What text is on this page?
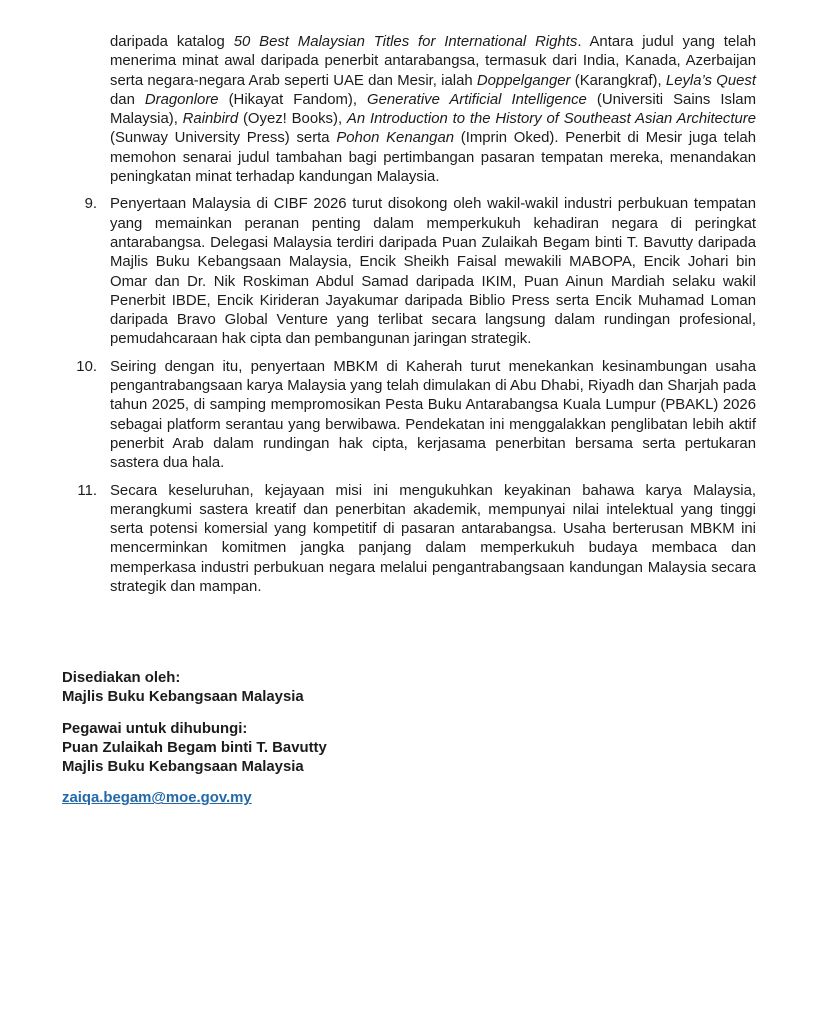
daripada katalog 50 Best Malaysian Titles for International Rights. Antara judul yang telah menerima minat awal daripada penerbit antarabangsa, termasuk dari India, Kanada, Azerbaijan serta negara-negara Arab seperti UAE dan Mesir, ialah Doppelganger (Karangkraf), Leyla’s Quest dan Dragonlore (Hikayat Fandom), Generative Artificial Intelligence (Universiti Sains Islam Malaysia), Rainbird (Oyez! Books), An Introduction to the History of Southeast Asian Architecture (Sunway University Press) serta Pohon Kenangan (Imprin Oked). Penerbit di Mesir juga telah memohon senarai judul tambahan bagi pertimbangan pasaran tempatan mereka, menandakan peningkatan minat terhadap kandungan Malaysia.

9. Penyertaan Malaysia di CIBF 2026 turut disokong oleh wakil-wakil industri perbukuan tempatan yang memainkan peranan penting dalam memperkukuh kehadiran negara di peringkat antarabangsa. Delegasi Malaysia terdiri daripada Puan Zulaikah Begam binti T. Bavutty daripada Majlis Buku Kebangsaan Malaysia, Encik Sheikh Faisal mewakili MABOPA, Encik Johari bin Omar dan Dr. Nik Roskiman Abdul Samad daripada IKIM, Puan Ainun Mardiah selaku wakil Penerbit IBDE, Encik Kirideran Jayakumar daripada Biblio Press serta Encik Muhamad Loman daripada Bravo Global Venture yang terlibat secara langsung dalam rundingan profesional, pemudahcaraan hak cipta dan pembangunan jaringan strategik.
10. Seiring dengan itu, penyertaan MBKM di Kaherah turut menekankan kesinambungan usaha pengantrabangsaan karya Malaysia yang telah dimulakan di Abu Dhabi, Riyadh dan Sharjah pada tahun 2025, di samping mempromosikan Pesta Buku Antarabangsa Kuala Lumpur (PBAKL) 2026 sebagai platform serantau yang berwibawa. Pendekatan ini menggalakkan penglibatan lebih aktif penerbit Arab dalam rundingan hak cipta, kerjasama penerbitan bersama serta pertukaran sastera dua hala.
11. Secara keseluruhan, kejayaan misi ini mengukuhkan keyakinan bahawa karya Malaysia, merangkumi sastera kreatif dan penerbitan akademik, mempunyai nilai intelektual yang tinggi serta potensi komersial yang kompetitif di pasaran antarabangsa. Usaha berterusan MBKM ini mencerminkan komitmen jangka panjang dalam memperkukuh budaya membaca dan memperkasa industri perbukuan negara melalui pengantrabangsaan kandungan Malaysia secara strategik dan mampan.

Disediakan oleh:

Majlis Buku Kebangsaan Malaysia

Pegawai untuk dihubungi:

Puan Zulaikah Begam binti T. Bavutty

Majlis Buku Kebangsaan Malaysia

zaiqa.begam@moe.gov.my
